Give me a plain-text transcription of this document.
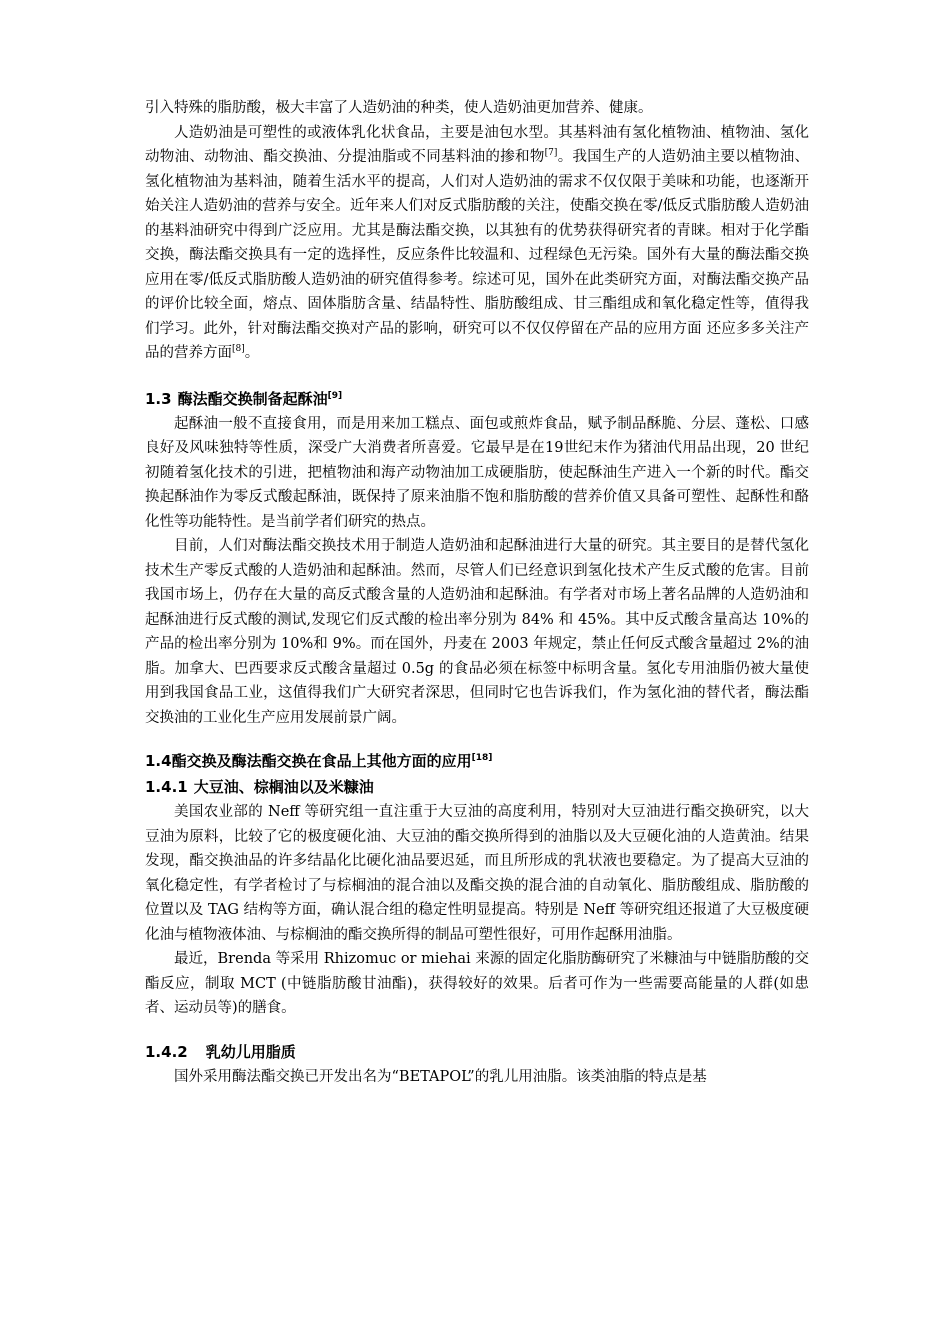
引入特殊的脂肪酸，极大丰富了人造奶油的种类，使人造奶油更加营养、健康。

人造奶油是可塑性的或液体乳化状食品，主要是油包水型。其基料油有氢化植物油、植物油、氢化动物油、动物油、酯交换油、分提油脂或不同基料油的掺和物[7]。我国生产的人造奶油主要以植物油、氢化植物油为基料油，随着生活水平的提高，人们对人造奶油的需求不仅仅限于美味和功能，也逐渐开始关注人造奶油的营养与安全。近年来人们对反式脂肪酸的关注，使酯交换在零/低反式脂肪酸人造奶油的基料油研究中得到广泛应用。尤其是酶法酯交换，以其独有的优势获得研究者的青睐。相对于化学酯交换，酶法酯交换具有一定的选择性，反应条件比较温和、过程绿色无污染。国外有大量的酶法酯交换应用在零/低反式脂肪酸人造奶油的研究值得参考。综述可见，国外在此类研究方面，对酶法酯交换产品的评价比较全面，熔点、固体脂肪含量、结晶特性、脂肪酸组成、甘三酯组成和氧化稳定性等，值得我们学习。此外，针对酶法酯交换对产品的影响，研究可以不仅仅停留在产品的应用方面 还应多多关注产品的营养方面[8]。

1.3 酶法酯交换制备起酥油[9]

起酥油一般不直接食用，而是用来加工糕点、面包或煎炸食品，赋予制品酥脆、分层、蓬松、口感良好及风味独特等性质，深受广大消费者所喜爱。它最早是在19世纪末作为猪油代用品出现，20 世纪初随着氢化技术的引进，把植物油和海产动物油加工成硬脂肪，使起酥油生产进入一个新的时代。酯交换起酥油作为零反式酸起酥油，既保持了原来油脂不饱和脂肪酸的营养价值又具备可塑性、起酥性和酪化性等功能特性。是当前学者们研究的热点。

目前，人们对酶法酯交换技术用于制造人造奶油和起酥油进行大量的研究。其主要目的是替代氢化技术生产零反式酸的人造奶油和起酥油。然而，尽管人们已经意识到氢化技术产生反式酸的危害。目前我国市场上，仍存在大量的高反式酸含量的人造奶油和起酥油。有学者对市场上著名品牌的人造奶油和起酥油进行反式酸的测试,发现它们反式酸的检出率分别为 84% 和 45%。其中反式酸含量高达 10%的产品的检出率分别为 10%和 9%。而在国外，丹麦在 2003 年规定，禁止任何反式酸含量超过 2%的油脂。加拿大、巴西要求反式酸含量超过 0.5g 的食品必须在标签中标明含量。氢化专用油脂仍被大量使用到我国食品工业，这值得我们广大研究者深思，但同时它也告诉我们，作为氢化油的替代者，酶法酯交换油的工业化生产应用发展前景广阔。

1.4酯交换及酶法酯交换在食品上其他方面的应用[18]
1.4.1 大豆油、棕榈油以及米糠油

美国农业部的 Neff 等研究组一直注重于大豆油的高度利用，特别对大豆油进行酯交换研究，以大豆油为原料，比较了它的极度硬化油、大豆油的酯交换所得到的油脂以及大豆硬化油的人造黄油。结果发现，酯交换油品的许多结晶化比硬化油品要迟延，而且所形成的乳状液也要稳定。为了提高大豆油的氧化稳定性，有学者检讨了与棕榈油的混合油以及酯交换的混合油的自动氧化、脂肪酸组成、脂肪酸的位置以及 TAG 结构等方面，确认混合组的稳定性明显提高。特别是 Neff 等研究组还报道了大豆极度硬化油与植物液体油、与棕榈油的酯交换所得的制品可塑性很好，可用作起酥用油脂。

最近，Brenda 等采用 Rhizomuc or miehai 来源的固定化脂肪酶研究了米糠油与中链脂肪酸的交酯反应，制取 MCT (中链脂肪酸甘油酯)，获得较好的效果。后者可作为一些需要高能量的人群(如患者、运动员等)的膳食。

1.4.2 乳幼儿用脂质

国外采用酶法酯交换已开发出名为“BETAPOL”的乳儿用油脂。该类油脂的特点是基
